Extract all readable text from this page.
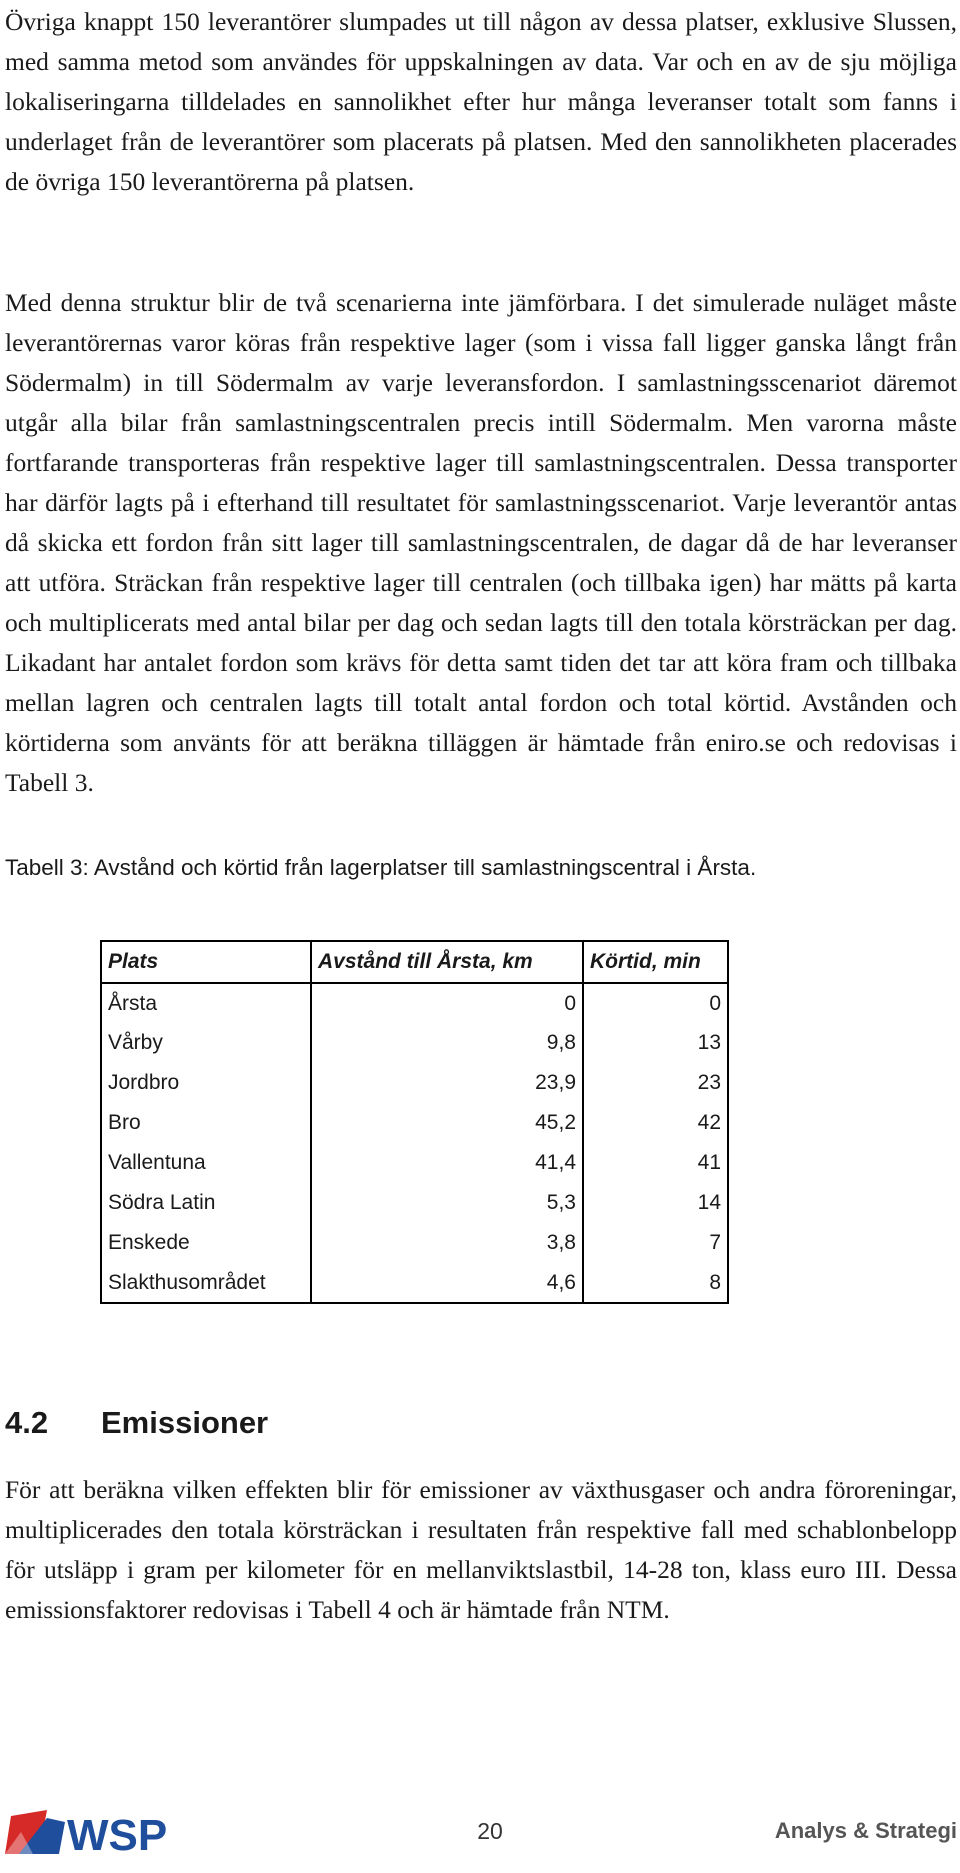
Övriga knappt 150 leverantörer slumpades ut till någon av dessa platser, exklusive Slussen, med samma metod som användes för uppskalningen av data. Var och en av de sju möjliga lokaliseringarna tilldelades en sannolikhet efter hur många leveranser totalt som fanns i underlaget från de leverantörer som placerats på platsen. Med den sannolikheten placerades de övriga 150 leverantörerna på platsen.

Med denna struktur blir de två scenarierna inte jämförbara. I det simulerade nuläget måste leverantörernas varor köras från respektive lager (som i vissa fall ligger ganska långt från Södermalm) in till Södermalm av varje leveransfordon. I samlastningsscenariot däremot utgår alla bilar från samlastningscentralen precis intill Södermalm. Men varorna måste fortfarande transporteras från respektive lager till samlastningscentralen. Dessa transporter har därför lagts på i efterhand till resultatet för samlastningsscenariot. Varje leverantör antas då skicka ett fordon från sitt lager till samlastningscentralen, de dagar då de har leveranser att utföra. Sträckan från respektive lager till centralen (och tillbaka igen) har mätts på karta och multiplicerats med antal bilar per dag och sedan lagts till den totala körsträckan per dag. Likadant har antalet fordon som krävs för detta samt tiden det tar att köra fram och tillbaka mellan lagren och centralen lagts till totalt antal fordon och total körtid. Avstånden och körtiderna som använts för att beräkna tilläggen är hämtade från eniro.se och redovisas i Tabell 3.

Tabell 3: Avstånd och körtid från lagerplatser till samlastningscentral i Årsta.

Plats	Avstånd till Årsta, km	Körtid, min
Årsta	0	0
Vårby	9,8	13
Jordbro	23,9	23
Bro	45,2	42
Vallentuna	41,4	41
Södra Latin	5,3	14
Enskede	3,8	7
Slakthusområdet	4,6	8
4.2 Emissioner

För att beräkna vilken effekten blir för emissioner av växthusgaser och andra föroreningar, multiplicerades den totala körsträckan i resultaten från respektive fall med schablonbelopp för utsläpp i gram per kilometer för en mellanviktslastbil, 14-28 ton, klass euro III. Dessa emissionsfaktorer redovisas i Tabell 4 och är hämtade från NTM.

WSP	20	Analys & Strategi
